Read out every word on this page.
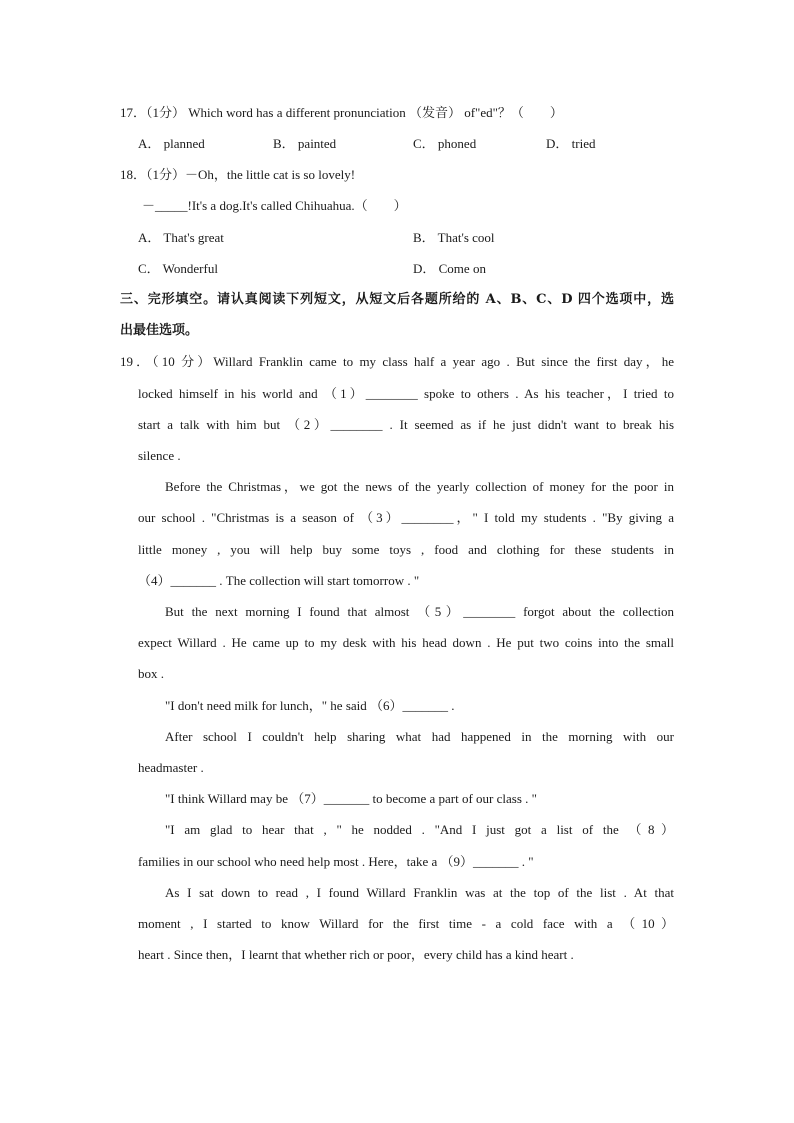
17．（1分） Which word has a different pronunciation （发音） of"ed"？（　　）
A． planned	B． painted	C． phoned	D． tried
18．（1分）－Oh，the little cat is so lovely!
－_____!It's a dog.It's called Chihuahua.（　　）
A． That's great	B． That's cool
C． Wonderful	D． Come on
三、完形填空。请认真阅读下列短文，从短文后各题所给的 A、B、C、D 四个选项中，选
出最佳选项。
19．（10 分）Willard Franklin came to my class half a year ago . But since the first day，he
locked himself in his world and （1）________ spoke to others . As his teacher，I tried to
start a talk with him but （2）________ . It seemed as if he just didn't want to break his
silence .
Before the Christmas，we got the news of the yearly collection of money for the poor in
our school . "Christmas is a season of （3）________，" I told my students . "By giving a
little money , you will help buy some toys , food and clothing for these students in
（4）_______ . The collection will start tomorrow . "
But the next morning I found that almost （5）________ forgot about the collection
expect Willard . He came up to my desk with his head down . He put two coins into the small
box .
"I don't need milk for lunch，" he said （6）_______ .
After school I couldn't help sharing what had happened in the morning with our
headmaster .
"I think Willard may be （7）_______ to become a part of our class . "
"I am glad to hear that , " he nodded . "And I just got a list of the （8）
families in our school who need help most . Here，take a （9）_______ . "
As I sat down to read , I found Willard Franklin was at the top of the list . At that
moment , I started to know Willard for the first time - a cold face with a （10）
heart . Since then，I learnt that whether rich or poor，every child has a kind heart .
